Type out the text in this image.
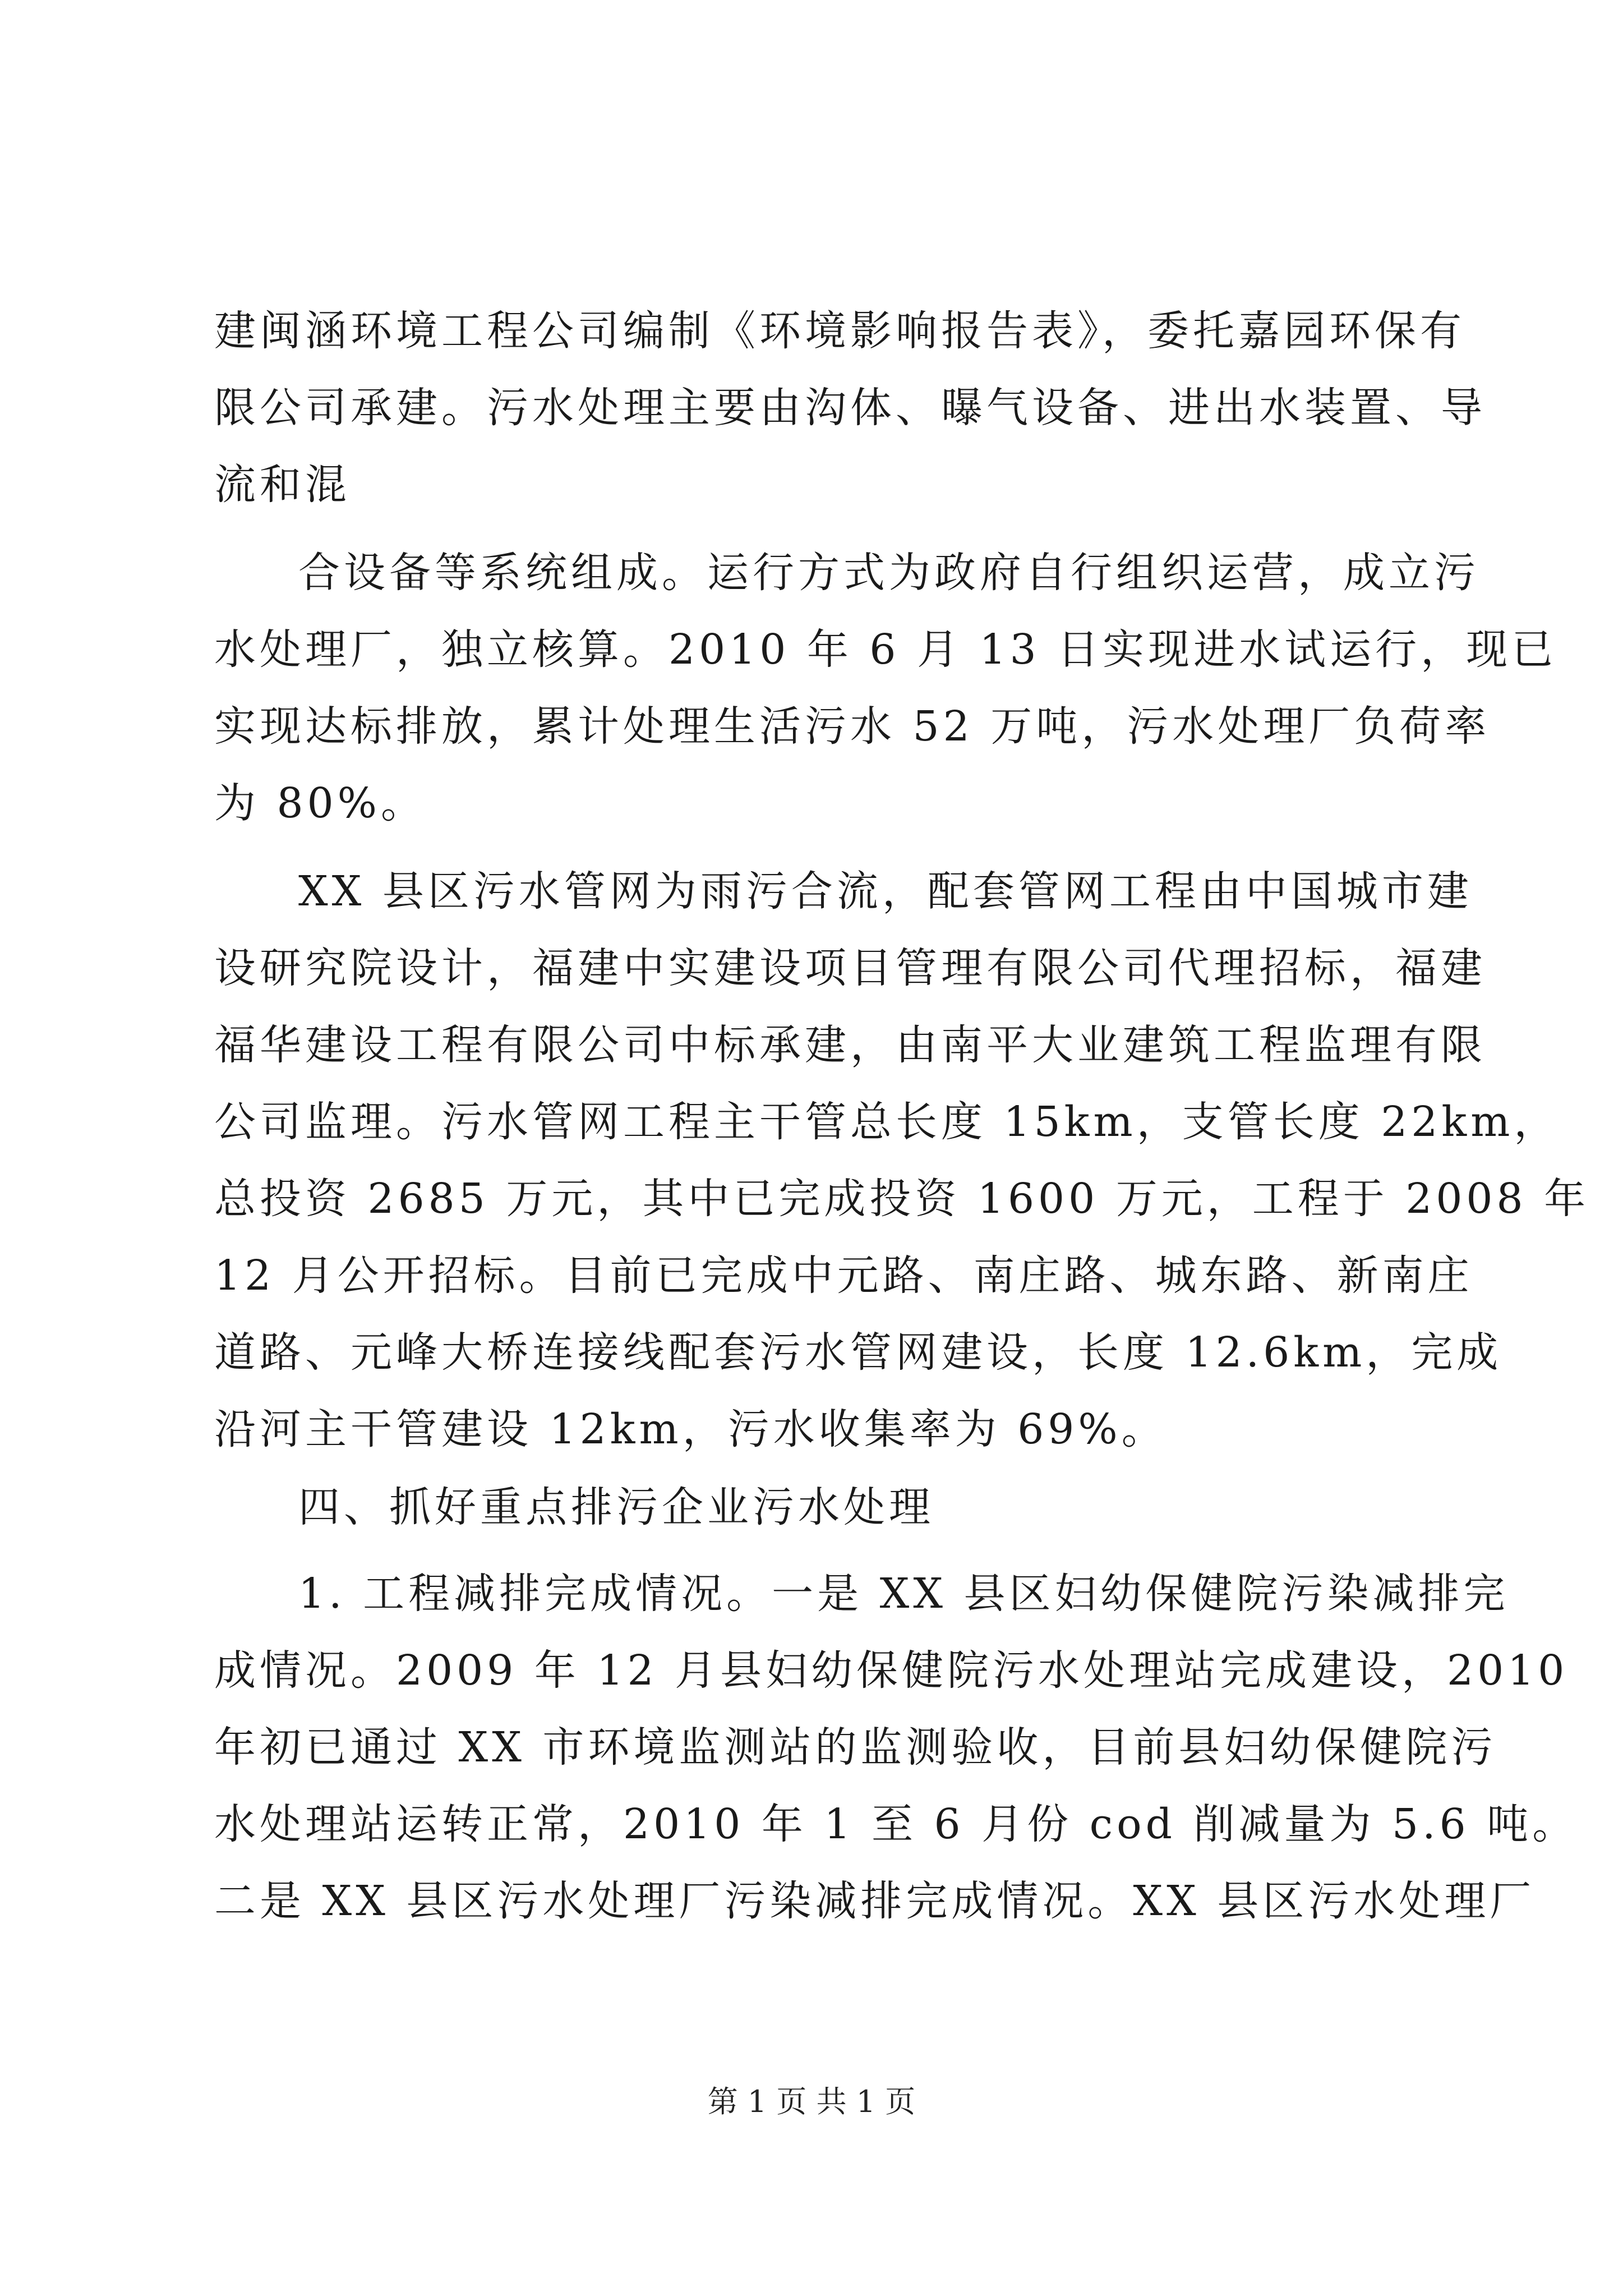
建闽涵环境工程公司编制《环境影响报告表》，委托嘉园环保有
限公司承建。污水处理主要由沟体、曝气设备、进出水装置、导
流和混
合设备等系统组成。运行方式为政府自行组织运营，成立污
水处理厂，独立核算。2010 年 6 月 13 日实现进水试运行，现已
实现达标排放，累计处理生活污水 52 万吨，污水处理厂负荷率
为 80%。
XX 县区污水管网为雨污合流，配套管网工程由中国城市建
设研究院设计，福建中实建设项目管理有限公司代理招标，福建
福华建设工程有限公司中标承建，由南平大业建筑工程监理有限
公司监理。污水管网工程主干管总长度 15km，支管长度 22km，
总投资 2685 万元，其中已完成投资 1600 万元，工程于 2008 年
12 月公开招标。目前已完成中元路、南庄路、城东路、新南庄
道路、元峰大桥连接线配套污水管网建设，长度 12.6km，完成
沿河主干管建设 12km，污水收集率为 69%。
四、抓好重点排污企业污水处理
1. 工程减排完成情况。一是 XX 县区妇幼保健院污染减排完
成情况。2009 年 12 月县妇幼保健院污水处理站完成建设，2010
年初已通过 XX 市环境监测站的监测验收，目前县妇幼保健院污
水处理站运转正常，2010 年 1 至 6 月份 cod 削减量为 5.6 吨。
二是 XX 县区污水处理厂污染减排完成情况。XX 县区污水处理厂
第 1 页 共 1 页
